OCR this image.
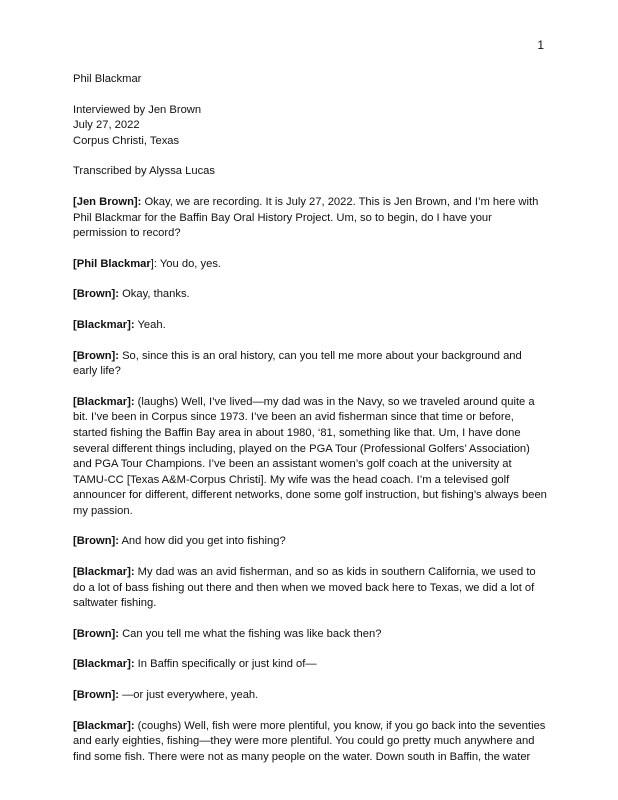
1

Phil Blackmar

Interviewed by Jen Brown

July 27, 2022

Corpus Christi, Texas

Transcribed by Alyssa Lucas

[Jen Brown]: Okay, we are recording. It is July 27, 2022. This is Jen Brown, and I’m here with Phil Blackmar for the Baffin Bay Oral History Project. Um, so to begin, do I have your permission to record?

[Phil Blackmar]: You do, yes.

[Brown]: Okay, thanks.

[Blackmar]: Yeah.

[Brown]: So, since this is an oral history, can you tell me more about your background and early life?

[Blackmar]: (laughs) Well, I’ve lived—my dad was in the Navy, so we traveled around quite a bit. I’ve been in Corpus since 1973. I’ve been an avid fisherman since that time or before, started fishing the Baffin Bay area in about 1980, ‘81, something like that. Um, I have done several different things including, played on the PGA Tour (Professional Golfers’ Association) and PGA Tour Champions. I’ve been an assistant women’s golf coach at the university at TAMU-CC [Texas A&M-Corpus Christi]. My wife was the head coach. I’m a televised golf announcer for different, different networks, done some golf instruction, but fishing’s always been my passion.

[Brown]: And how did you get into fishing?

[Blackmar]: My dad was an avid fisherman, and so as kids in southern California, we used to do a lot of bass fishing out there and then when we moved back here to Texas, we did a lot of saltwater fishing.

[Brown]: Can you tell me what the fishing was like back then?

[Blackmar]: In Baffin specifically or just kind of—

[Brown]: —or just everywhere, yeah.

[Blackmar]: (coughs) Well, fish were more plentiful, you know, if you go back into the seventies and early eighties, fishing—they were more plentiful. You could go pretty much anywhere and find some fish. There were not as many people on the water. Down south in Baffin, the water
